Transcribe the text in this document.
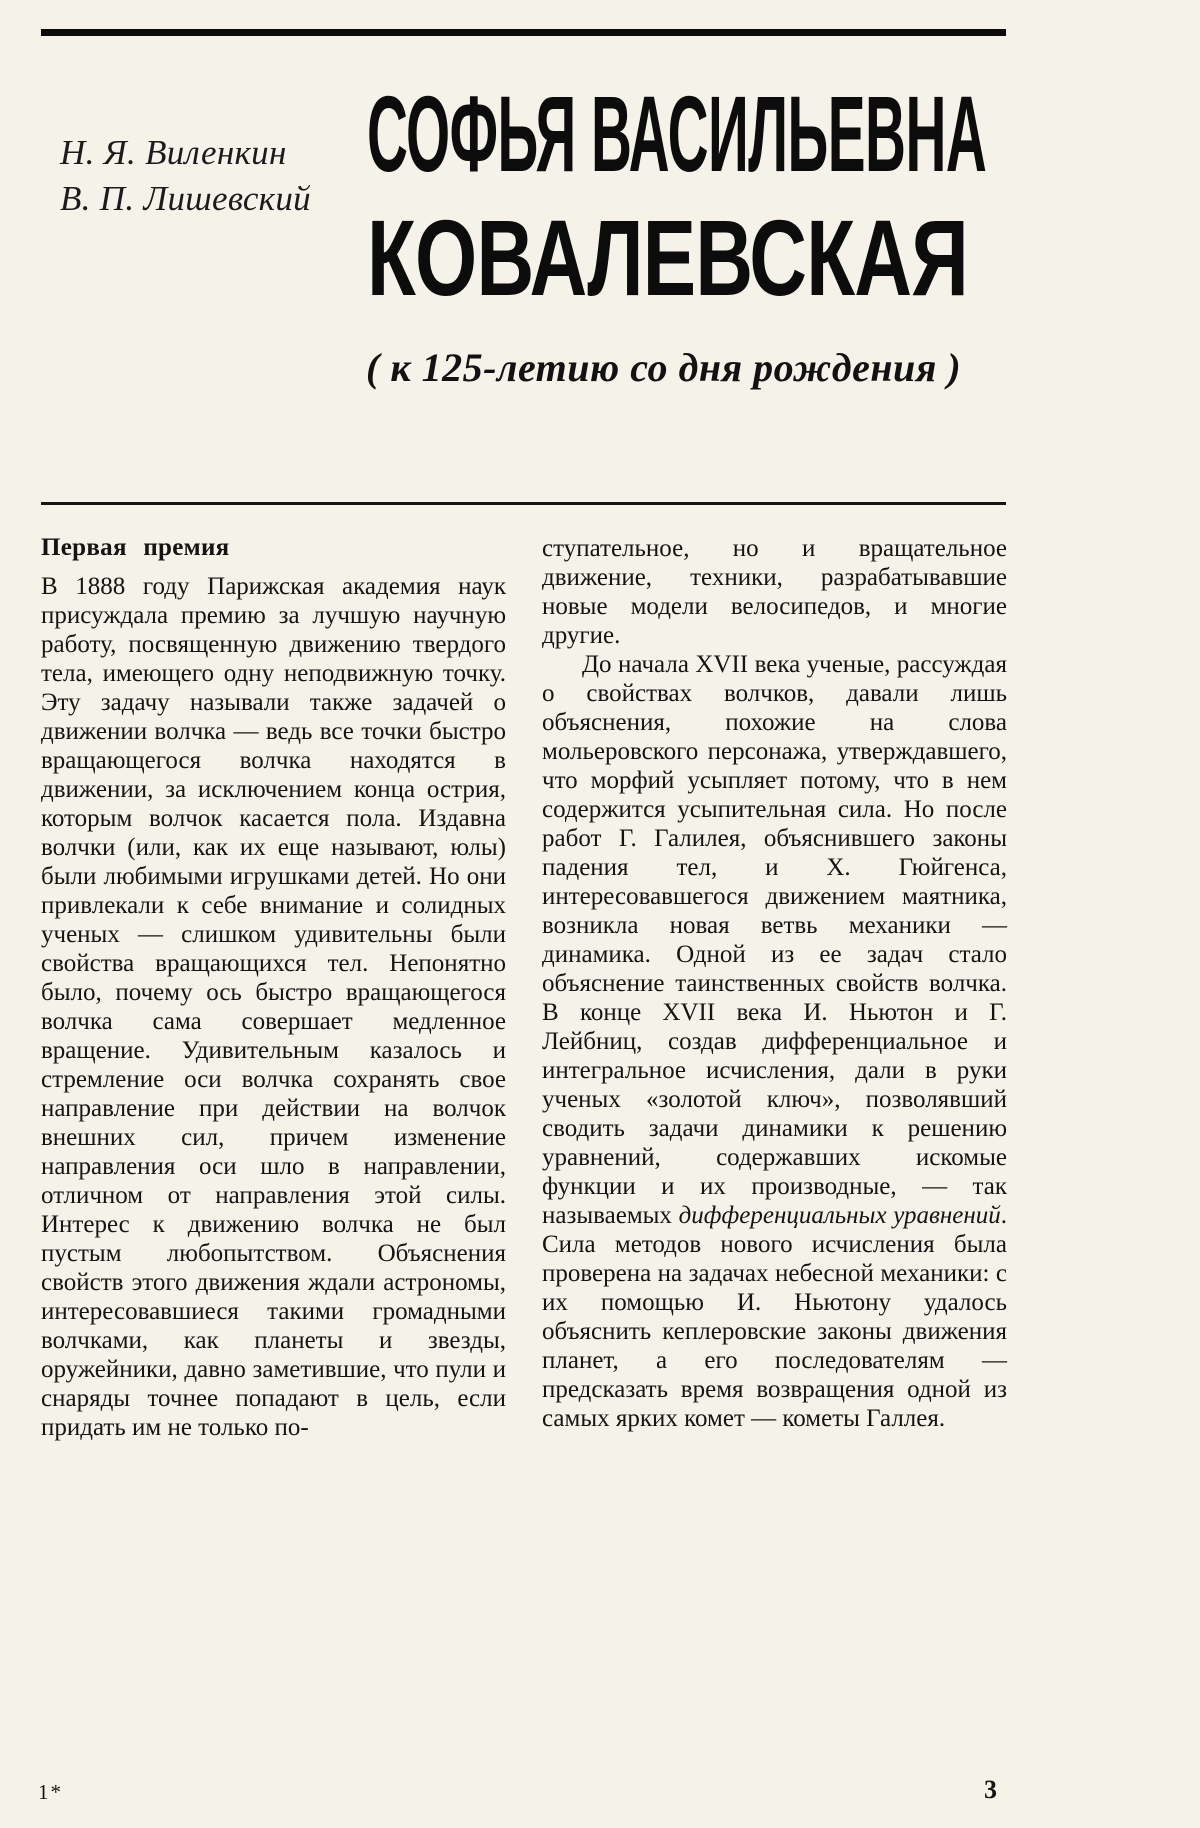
Н. Я. Виленкин
В. П. Лишевский
СОФЬЯ ВАСИЛЬЕВНА
КОВАЛЕВСКАЯ
( к 125-летию со дня рождения )
Первая премия

В 1888 году Парижская академия наук присуждала премию за лучшую научную работу, посвященную движению твердого тела, имеющего одну неподвижную точку. Эту задачу называли также задачей о движении волчка — ведь все точки быстро вращающегося волчка находятся в движении, за исключением конца острия, которым волчок касается пола. Издавна волчки (или, как их еще называют, юлы) были любимыми игрушками детей. Но они привлекали к себе внимание и солидных ученых — слишком удивительны были свойства вращающихся тел. Непонятно было, почему ось быстро вращающегося волчка сама совершает медленное вращение. Удивительным казалось и стремление оси волчка сохранять свое направление при действии на волчок внешних сил, причем изменение направления оси шло в направлении, отличном от направления этой силы. Интерес к движению волчка не был пустым любопытством. Объяснения свойств этого движения ждали астрономы, интересовавшиеся такими громадными волчками, как планеты и звезды, оружейники, давно заметившие, что пули и снаряды точнее попадают в цель, если придать им не только по-

ступательное, но и вращательное движение, техники, разрабатывавшие новые модели велосипедов, и многие другие.

До начала XVII века ученые, рассуждая о свойствах волчков, давали лишь объяснения, похожие на слова мольеровского персонажа, утверждавшего, что морфий усыпляет потому, что в нем содержится усыпительная сила. Но после работ Г. Галилея, объяснившего законы падения тел, и Х. Гюйгенса, интересовавшегося движением маятника, возникла новая ветвь механики — динамика. Одной из ее задач стало объяснение таинственных свойств волчка. В конце XVII века И. Ньютон и Г. Лейбниц, создав дифференциальное и интегральное исчисления, дали в руки ученых «золотой ключ», позволявший сводить задачи динамики к решению уравнений, содержавших искомые функции и их производные, — так называемых дифференциальных уравнений. Сила методов нового исчисления была проверена на задачах небесной механики: с их помощью И. Ньютону удалось объяснить кеплеровские законы движения планет, а его последователям — предсказать время возвращения одной из самых ярких комет — кометы Галлея.

1*	3
